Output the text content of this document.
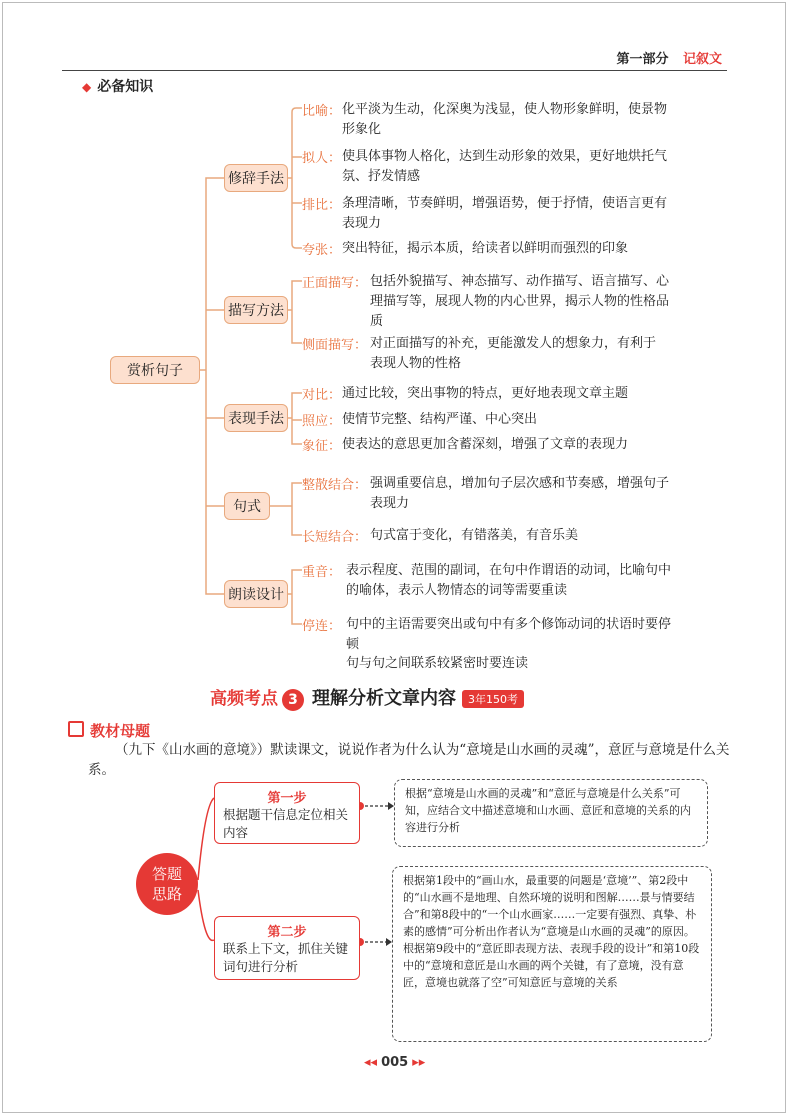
第一部分 记叙文
◆ 必备知识
赏析句子
修辞手法
描写方法
表现手法
句式
朗读设计
比喻： 化平淡为生动，化深奥为浅显，使人物形象鲜明，使景物形象化
拟人： 使具体事物人格化，达到生动形象的效果，更好地烘托气氛、抒发情感
排比： 条理清晰，节奏鲜明，增强语势，便于抒情，使语言更有表现力
夸张： 突出特征，揭示本质，给读者以鲜明而强烈的印象
正面描写： 包括外貌描写、神态描写、动作描写、语言描写、心理描写等，展现人物的内心世界，揭示人物的性格品质
侧面描写： 对正面描写的补充，更能激发人的想象力，有利于表现人物的性格
对比： 通过比较，突出事物的特点，更好地表现文章主题
照应： 使情节完整、结构严谨、中心突出
象征： 使表达的意思更加含蓄深刻，增强了文章的表现力
整散结合： 强调重要信息，增加句子层次感和节奏感，增强句子表现力
长短结合： 句式富于变化，有错落美，有音乐美
重音： 表示程度、范围的副词，在句中作谓语的动词，比喻句中的喻体，表示人物情态的词等需要重读
停连： 句中的主语需要突出或句中有多个修饰动词的状语时要停顿
句与句之间联系较紧密时要连读
高频考点 3 理解分析文章内容 3年150考
教材母题
（九下《山水画的意境》）默读课文，说说作者为什么认为“意境是山水画的灵魂”，意匠与意境是什么关系。
答题
思路
第一步
根据题干信息定位相关内容
第二步
联系上下文，抓住关键词句进行分析
根据“意境是山水画的灵魂”和“意匠与意境是什么关系”可知，应结合文中描述意境和山水画、意匠和意境的关系的内容进行分析
根据第1段中的“画山水，最重要的问题是‘意境’”、第2段中的“山水画不是地理、自然环境的说明和图解……景与情要结合”和第8段中的“一个山水画家……一定要有强烈、真挚、朴素的感情”可分析出作者认为“意境是山水画的灵魂”的原因。根据第9段中的“意匠即表现方法、表现手段的设计”和第10段中的“意境和意匠是山水画的两个关键，有了意境，没有意匠，意境也就落了空”可知意匠与意境的关系
◂◂ 005 ▸▸
